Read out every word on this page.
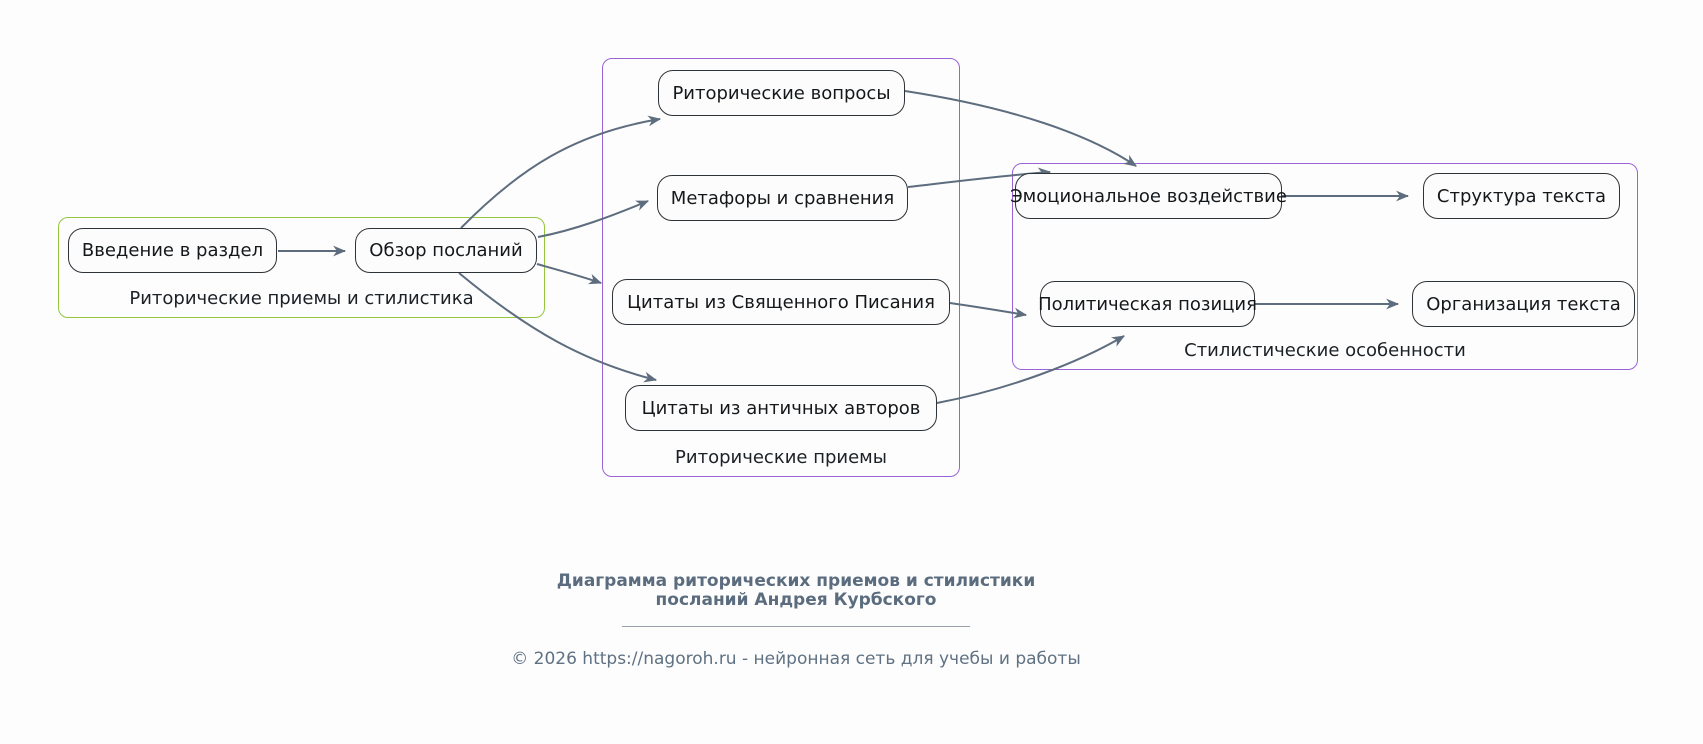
Риторические приемы и стилистика
Риторические приемы
Стилистические особенности
Введение в раздел	Обзор посланий
Риторические вопросы
Метафоры и сравнения
Цитаты из Священного Писания
Цитаты из античных авторов
Эмоциональное воздействие	Структура текста
Политическая позиция	Организация текста
Диаграмма риторических приемов и стилистики
посланий Андрея Курбского
© 2026 https://nagoroh.ru - нейронная сеть для учебы и работы
